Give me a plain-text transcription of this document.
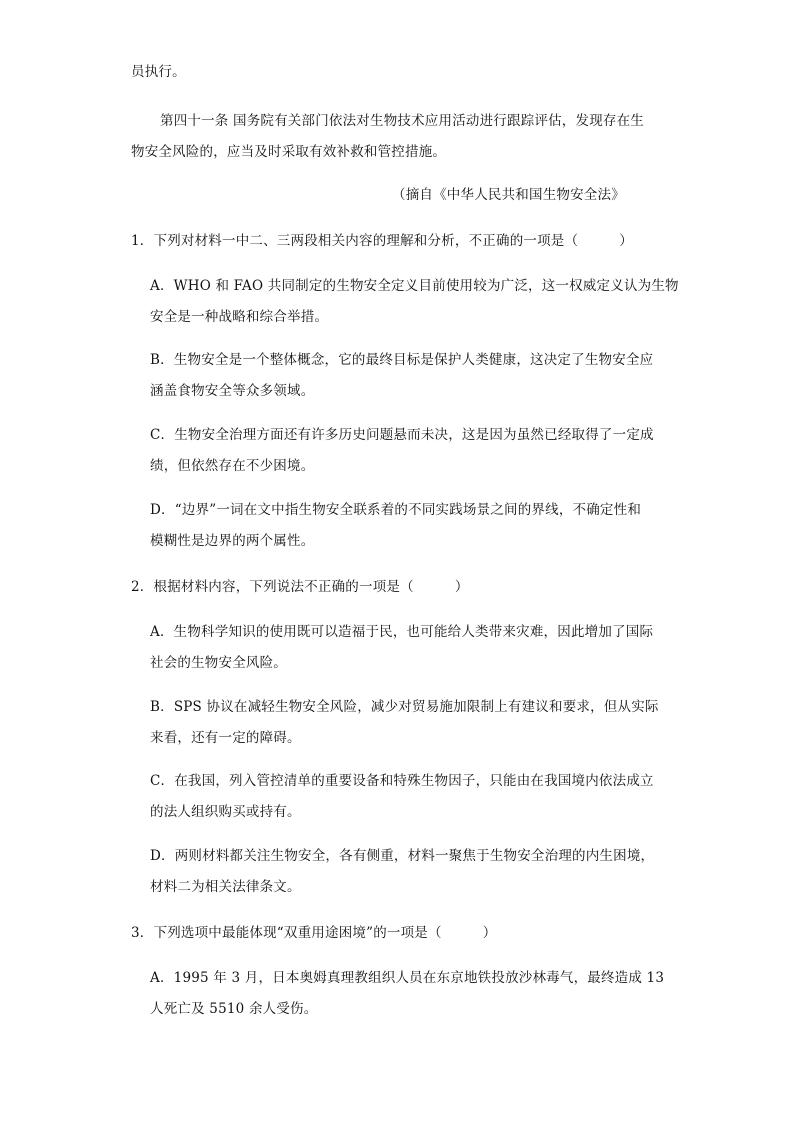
员执行。
第四十一条 国务院有关部门依法对生物技术应用活动进行跟踪评估，发现存在生
物安全风险的，应当及时采取有效补救和管控措施。
（摘自《中华人民共和国生物安全法》
1．下列对材料一中二、三两段相关内容的理解和分析，不正确的一项是（　　　）
A．WHO 和 FAO 共同制定的生物安全定义目前使用较为广泛，这一权威定义认为生物
安全是一种战略和综合举措。
B．生物安全是一个整体概念，它的最终目标是保护人类健康，这决定了生物安全应
涵盖食物安全等众多领域。
C．生物安全治理方面还有许多历史问题悬而未决，这是因为虽然已经取得了一定成
绩，但依然存在不少困境。
D．“边界”一词在文中指生物安全联系着的不同实践场景之间的界线，不确定性和
模糊性是边界的两个属性。
2．根据材料内容，下列说法不正确的一项是（　　　）
A．生物科学知识的使用既可以造福于民，也可能给人类带来灾难，因此增加了国际
社会的生物安全风险。
B．SPS 协议在减轻生物安全风险，减少对贸易施加限制上有建议和要求，但从实际
来看，还有一定的障碍。
C．在我国，列入管控清单的重要设备和特殊生物因子，只能由在我国境内依法成立
的法人组织购买或持有。
D．两则材料都关注生物安全，各有侧重，材料一聚焦于生物安全治理的内生困境，
材料二为相关法律条文。
3．下列选项中最能体现“双重用途困境”的一项是（　　　）
A．1995 年 3 月，日本奥姆真理教组织人员在东京地铁投放沙林毒气，最终造成 13
人死亡及 5510 余人受伤。
